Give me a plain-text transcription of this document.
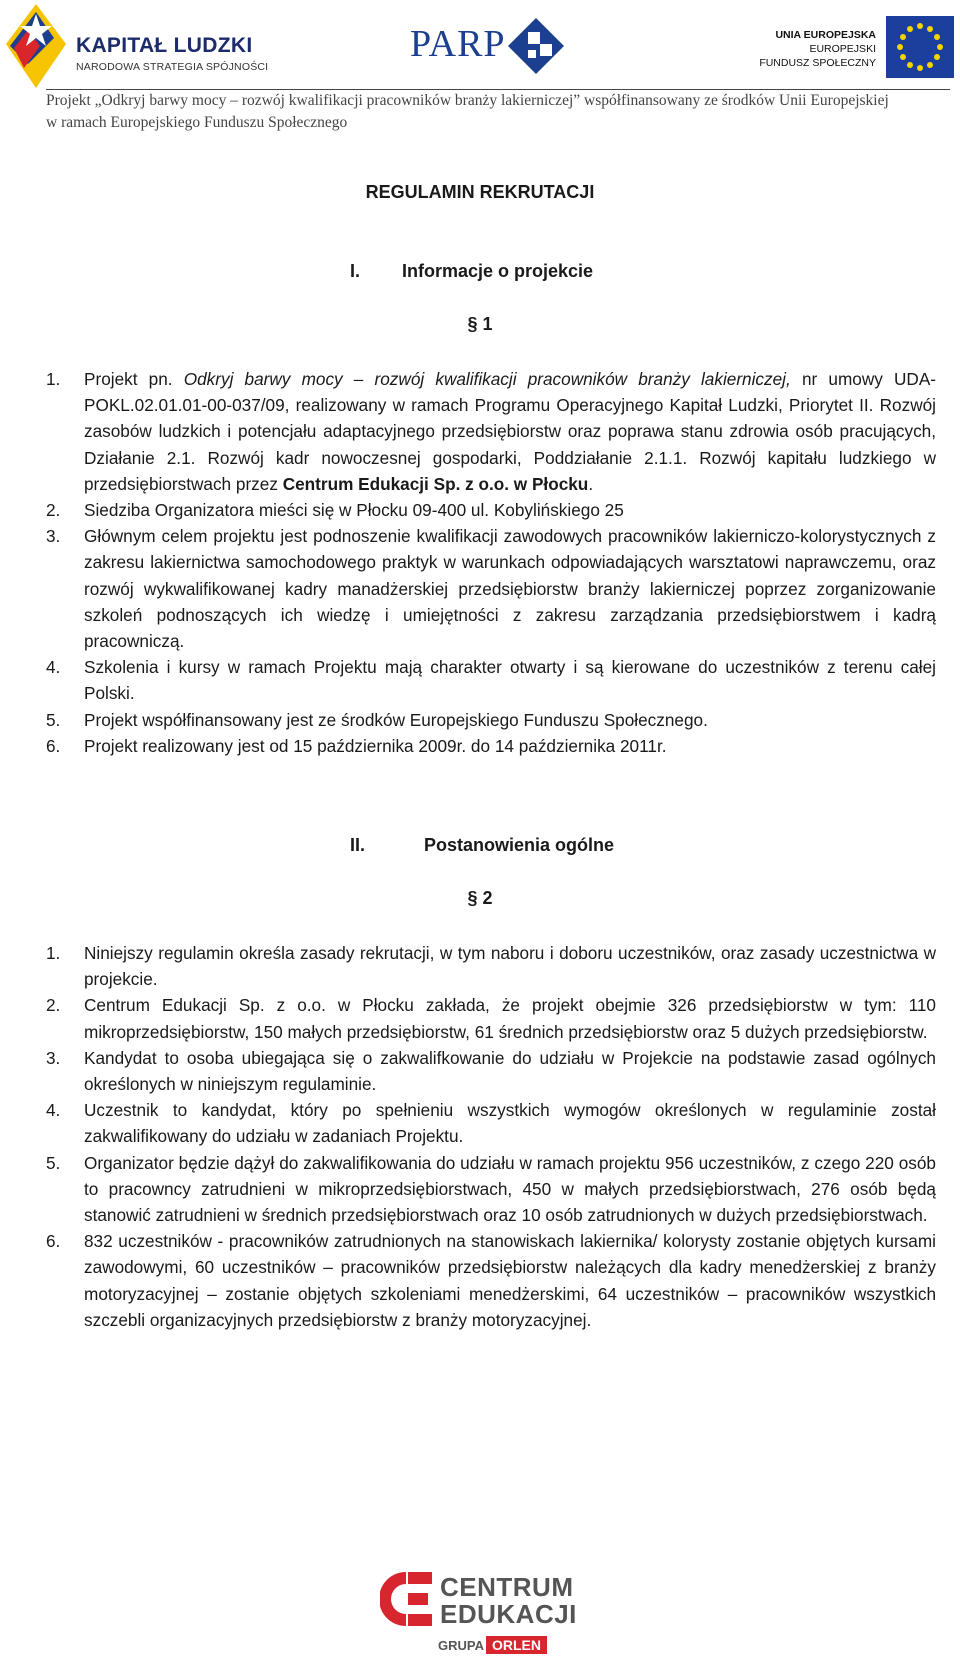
KAPITAŁ LUDZKI
NARODOWA STRATEGIA SPÓJNOŚCI
PARP	UNIA EUROPEJSKA
EUROPEJSKI
FUNDUSZ SPOŁECZNY
Projekt „Odkryj barwy mocy – rozwój kwalifikacji pracowników branży lakierniczej” współfinansowany ze środków Unii Europejskiej w ramach Europejskiego Funduszu Społecznego
REGULAMIN REKRUTACJI
I. Informacje o projekcie
§ 1
1. Projekt pn. Odkryj barwy mocy – rozwój kwalifikacji pracowników branży lakierniczej, nr umowy UDA-POKL.02.01.01-00-037/09, realizowany w ramach Programu Operacyjnego Kapitał Ludzki, Priorytet II. Rozwój zasobów ludzkich i potencjału adaptacyjnego przedsiębiorstw oraz poprawa stanu zdrowia osób pracujących, Działanie 2.1. Rozwój kadr nowoczesnej gospodarki, Poddziałanie 2.1.1. Rozwój kapitału ludzkiego w przedsiębiorstwach przez Centrum Edukacji Sp. z o.o. w Płocku.
2. Siedziba Organizatora mieści się w Płocku 09-400 ul. Kobylińskiego 25
3. Głównym celem projektu jest podnoszenie kwalifikacji zawodowych pracowników lakierniczo-kolorystycznych z zakresu lakiernictwa samochodowego praktyk w warunkach odpowiadających warsztatowi naprawczemu, oraz rozwój wykwalifikowanej kadry manadżerskiej przedsiębiorstw branży lakierniczej poprzez zorganizowanie szkoleń podnoszących ich wiedzę i umiejętności z zakresu zarządzania przedsiębiorstwem i kadrą pracowniczą.
4. Szkolenia i kursy w ramach Projektu mają charakter otwarty i są kierowane do uczestników z terenu całej Polski.
5. Projekt współfinansowany jest ze środków Europejskiego Funduszu Społecznego.
6. Projekt realizowany jest od 15 października 2009r. do 14 października 2011r.
II.	Postanowienia ogólne
§ 2
1. Niniejszy regulamin określa zasady rekrutacji, w tym naboru i doboru uczestników, oraz zasady uczestnictwa w projekcie.
2. Centrum Edukacji Sp. z o.o. w Płocku zakłada, że projekt obejmie 326 przedsiębiorstw w tym: 110 mikroprzedsiębiorstw, 150 małych przedsiębiorstw, 61 średnich przedsiębiorstw oraz 5 dużych przedsiębiorstw.
3. Kandydat to osoba ubiegająca się o zakwalifkowanie do udziału w Projekcie na podstawie zasad ogólnych określonych w niniejszym regulaminie.
4. Uczestnik to kandydat, który po spełnieniu wszystkich wymogów określonych w regulaminie został zakwalifikowany do udziału w zadaniach Projektu.
5. Organizator będzie dążył do zakwalifikowania do udziału w ramach projektu 956 uczestników, z czego 220 osób to pracowncy zatrudnieni w mikroprzedsiębiorstwach, 450 w małych przedsiębiorstwach, 276 osób będą stanowić zatrudnieni w średnich przedsiębiorstwach oraz 10 osób zatrudnionych w dużych przedsiębiorstwach.
6. 832 uczestników - pracowników zatrudnionych na stanowiskach lakiernika/ kolorysty zostanie objętych kursami zawodowymi, 60 uczestników – pracowników przedsiębiorstw należących dla kadry menedżerskiej z branży motoryzacyjnej – zostanie objętych szkoleniami menedżerskimi, 64 uczestników – pracowników wszystkich szczebli organizacyjnych przedsiębiorstw z branży motoryzacyjnej.
CENTRUM
EDUKACJI
GRUPA ORLEN
